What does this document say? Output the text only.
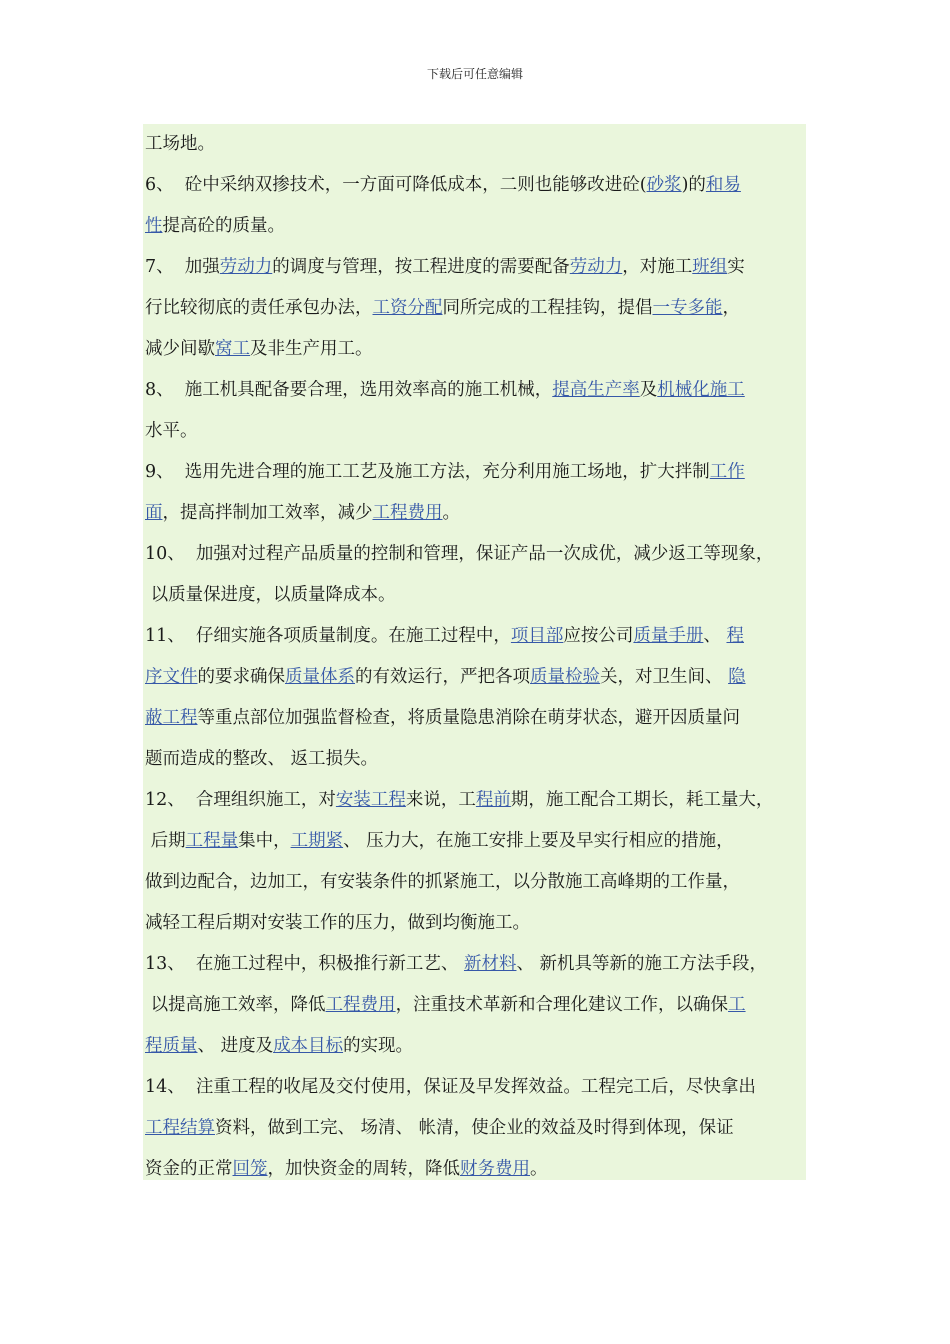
下载后可任意编辑
工场地。
6、  砼中采纳双掺技术，一方面可降低成本，二则也能够改进砼(砂浆)的和易
性提高砼的质量。
7、  加强劳动力的调度与管理，按工程进度的需要配备劳动力，对施工班组实
行比较彻底的责任承包办法，工资分配同所完成的工程挂钩，提倡一专多能，
减少间歇窝工及非生产用工。
8、  施工机具配备要合理，选用效率高的施工机械，提高生产率及机械化施工
水平。
9、  选用先进合理的施工工艺及施工方法，充分利用施工场地，扩大拌制工作
面，提高拌制加工效率，减少工程费用。
10、  加强对过程产品质量的控制和管理，保证产品一次成优，减少返工等现象，
以质量保进度，以质量降成本。
11、  仔细实施各项质量制度。在施工过程中，项目部应按公司质量手册、 程
序文件的要求确保质量体系的有效运行，严把各项质量检验关，对卫生间、 隐
蔽工程等重点部位加强监督检查，将质量隐患消除在萌芽状态，避开因质量问
题而造成的整改、 返工损失。
12、  合理组织施工，对安装工程来说，工程前期，施工配合工期长，耗工量大，
后期工程量集中，工期紧、 压力大，在施工安排上要及早实行相应的措施，
做到边配合，边加工，有安装条件的抓紧施工，以分散施工高峰期的工作量，
减轻工程后期对安装工作的压力，做到均衡施工。
13、  在施工过程中，积极推行新工艺、 新材料、 新机具等新的施工方法手段，
以提高施工效率，降低工程费用，注重技术革新和合理化建议工作，以确保工
程质量、 进度及成本目标的实现。
14、  注重工程的收尾及交付使用，保证及早发挥效益。工程完工后，尽快拿出
工程结算资料，做到工完、 场清、 帐清，使企业的效益及时得到体现，保证
资金的正常回笼，加快资金的周转，降低财务费用。
